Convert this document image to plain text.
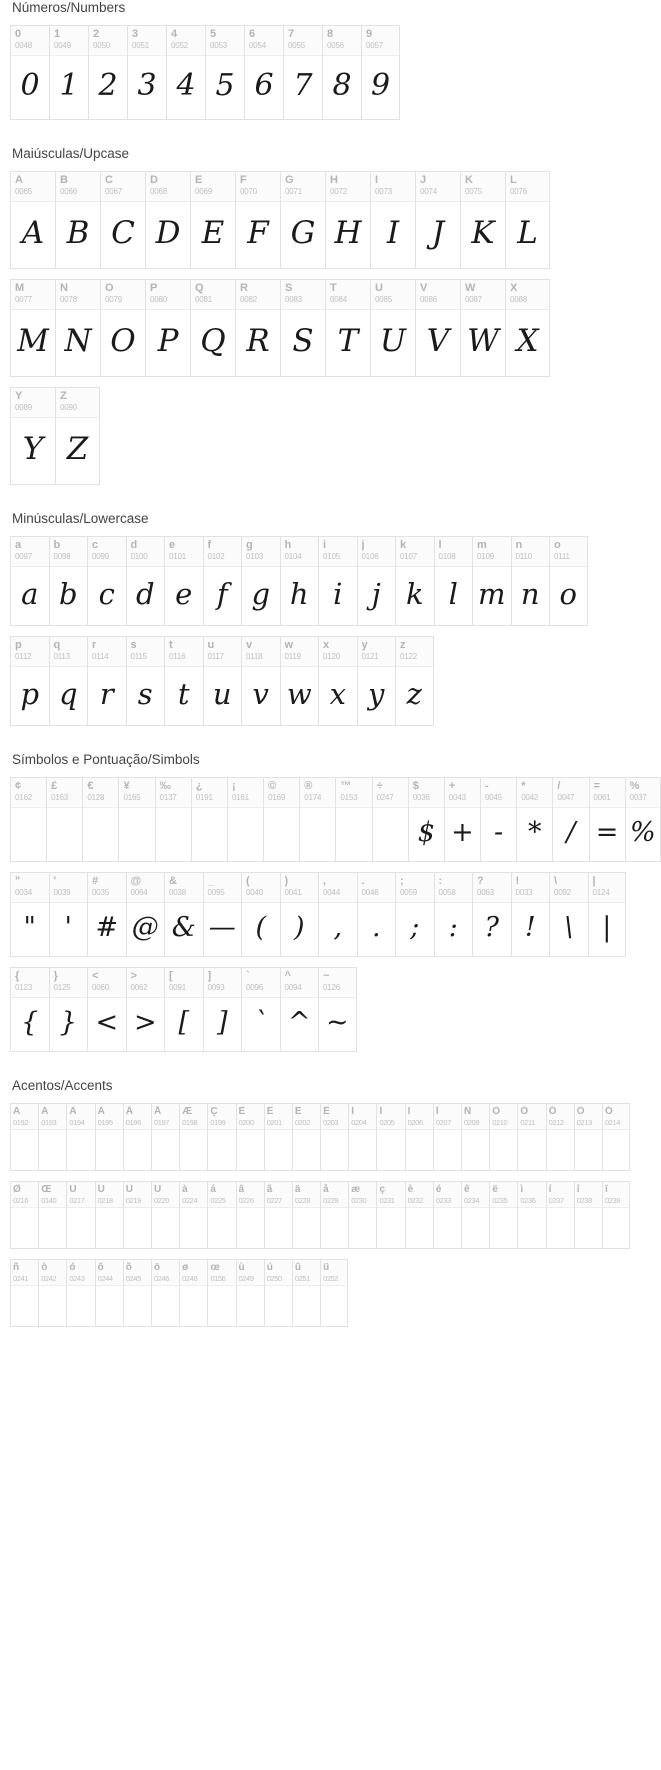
Números/Numbers
0
0048
0
1
0049
1
2
0050
2
3
0051
3
4
0052
4
5
0053
5
6
0054
6
7
0055
7
8
0056
8
9
0057
9
Maiúsculas/Upcase
A
0065
A
B
0066
B
C
0067
C
D
0068
D
E
0069
E
F
0070
F
G
0071
G
H
0072
H
I
0073
I
J
0074
J
K
0075
K
L
0076
L
M
0077
M
N
0078
N
O
0079
O
P
0080
P
Q
0081
Q
R
0082
R
S
0083
S
T
0084
T
U
0085
U
V
0086
V
W
0087
W
X
0088
X
Y
0089
Y
Z
0090
Z
Minúsculas/Lowercase
a
0097
a
b
0098
b
c
0099
c
d
0100
d
e
0101
e
f
0102
f
g
0103
g
h
0104
h
i
0105
i
j
0106
j
k
0107
k
l
0108
l
m
0109
m
n
0110
n
o
0111
o
p
0112
p
q
0113
q
r
0114
r
s
0115
s
t
0116
t
u
0117
u
v
0118
v
w
0119
w
x
0120
x
y
0121
y
z
0122
z
Símbolos e Pontuação/Simbols
¢
0162
£
0163
€
0128
¥
0165
‰
0137
¿
0191
¡
0161
©
0169
®
0174
™
0153
÷
0247
$
0036
$
+
0043
+
-
0045
-
*
0042
*
/
0047
/
=
0061
=
%
0037
%
"
0034
"
'
0039
'
#
0035
#
@
0064
@
&
0038
&
_
0095
—
(
0040
(
)
0041
)
,
0044
,
.
0046
.
;
0059
;
:
0058
:
?
0063
?
!
0033
!
\
0092
\
|
0124
|
{
0123
{
}
0125
}
<
0060
<
>
0062
>
[
0091
[
]
0093
]
`
0096
`
^
0094
^
~
0126
~
Acentos/Accents
À
0192
Á
0193
Â
0194
Ã
0195
Ä
0196
Å
0197
Æ
0198
Ç
0199
È
0200
É
0201
Ê
0202
Ë
0203
Ì
0204
Í
0205
Î
0206
Ï
0207
Ñ
0209
Ò
0210
Ó
0211
Ô
0212
Õ
0213
Ö
0214
Ø
0216
Œ
0140
Ù
0217
Ú
0218
Û
0219
Ü
0220
à
0224
á
0225
â
0226
ã
0227
ä
0228
å
0229
æ
0230
ç
0231
è
0232
é
0233
ê
0234
ë
0235
ì
0236
í
0237
î
0238
ï
0239
ñ
0241
ò
0242
ó
0243
ô
0244
õ
0245
ö
0246
ø
0248
œ
0156
ù
0249
ú
0250
û
0251
ü
0252
